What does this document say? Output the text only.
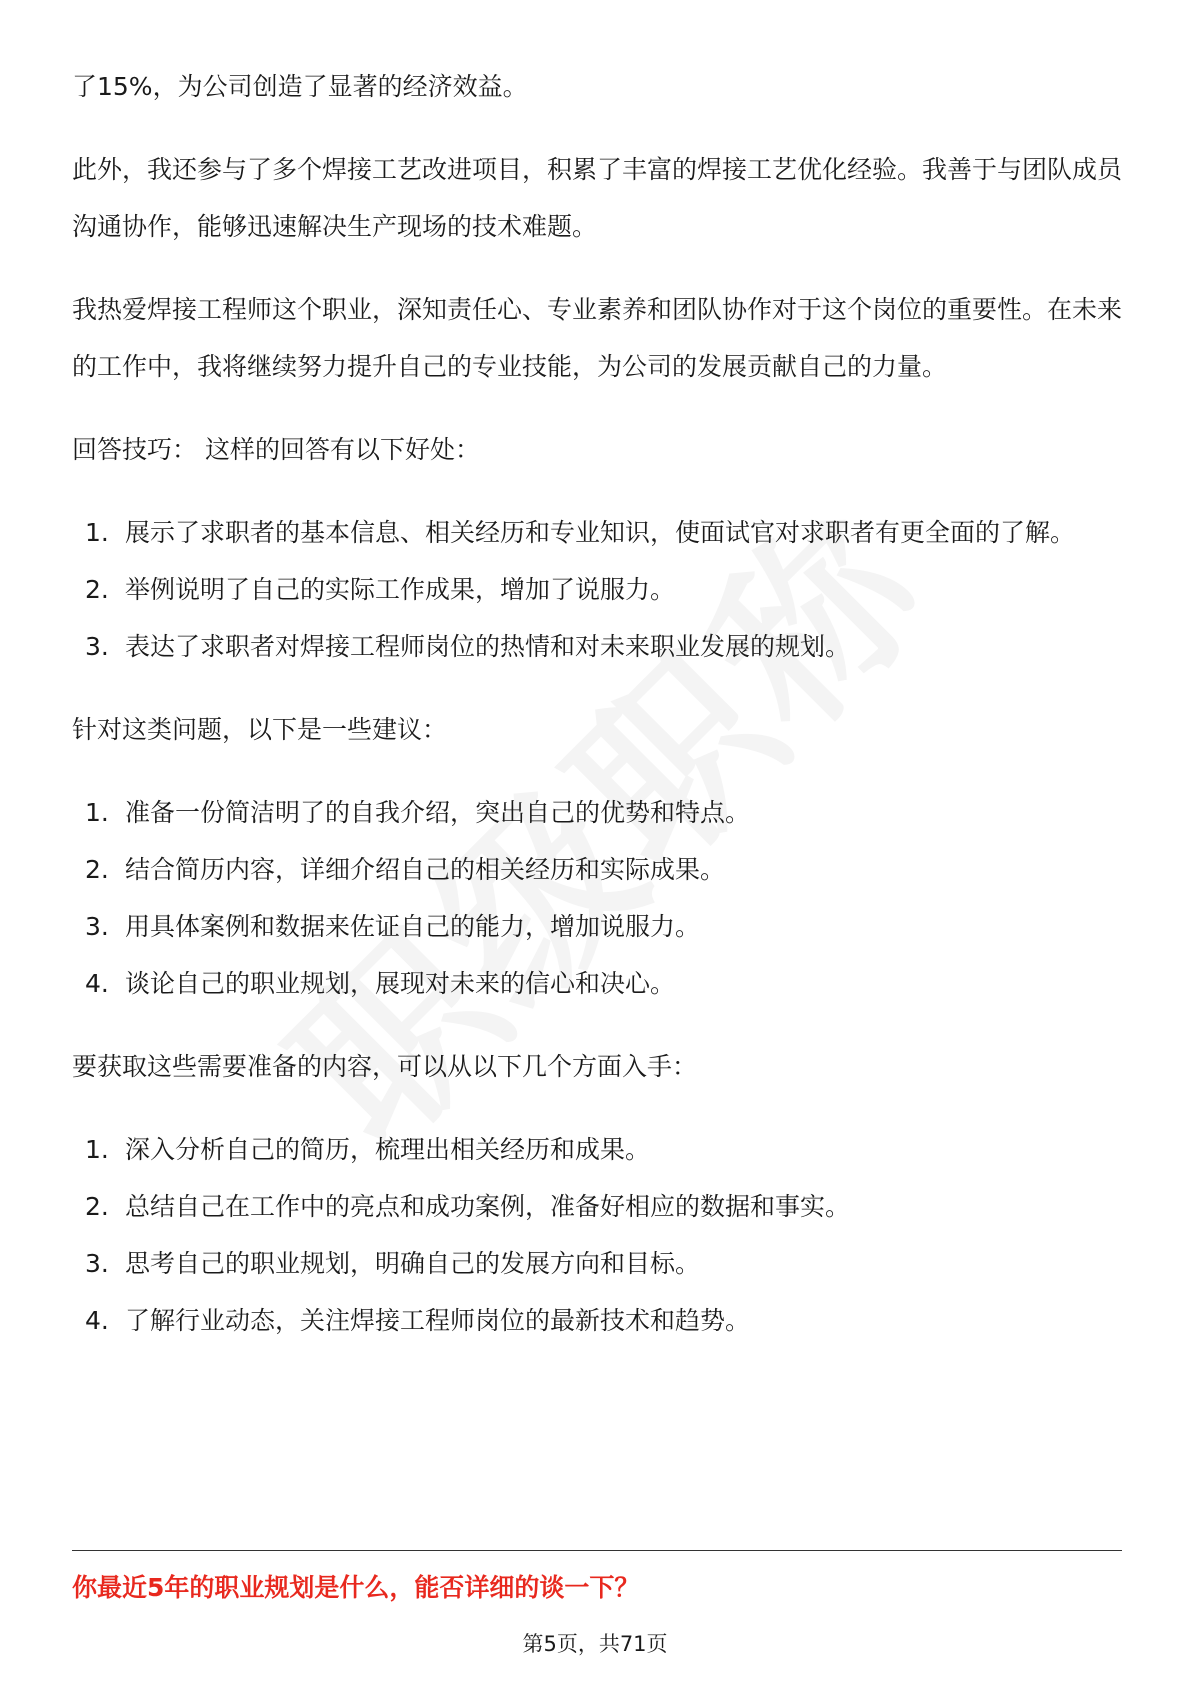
了15%，为公司创造了显著的经济效益。

此外，我还参与了多个焊接工艺改进项目，积累了丰富的焊接工艺优化经验。我善于与团队成员沟通协作，能够迅速解决生产现场的技术难题。

我热爱焊接工程师这个职业，深知责任心、专业素养和团队协作对于这个岗位的重要性。在未来的工作中，我将继续努力提升自己的专业技能，为公司的发展贡献自己的力量。

回答技巧： 这样的回答有以下好处：

1. 展示了求职者的基本信息、相关经历和专业知识，使面试官对求职者有更全面的了解。
2. 举例说明了自己的实际工作成果，增加了说服力。
3. 表达了求职者对焊接工程师岗位的热情和对未来职业发展的规划。

针对这类问题，以下是一些建议：

1. 准备一份简洁明了的自我介绍，突出自己的优势和特点。
2. 结合简历内容，详细介绍自己的相关经历和实际成果。
3. 用具体案例和数据来佐证自己的能力，增加说服力。
4. 谈论自己的职业规划，展现对未来的信心和决心。

要获取这些需要准备的内容，可以从以下几个方面入手：

1. 深入分析自己的简历，梳理出相关经历和成果。
2. 总结自己在工作中的亮点和成功案例，准备好相应的数据和事实。
3. 思考自己的职业规划，明确自己的发展方向和目标。
4. 了解行业动态，关注焊接工程师岗位的最新技术和趋势。
你最近5年的职业规划是什么，能否详细的谈一下？
第5页，共71页
